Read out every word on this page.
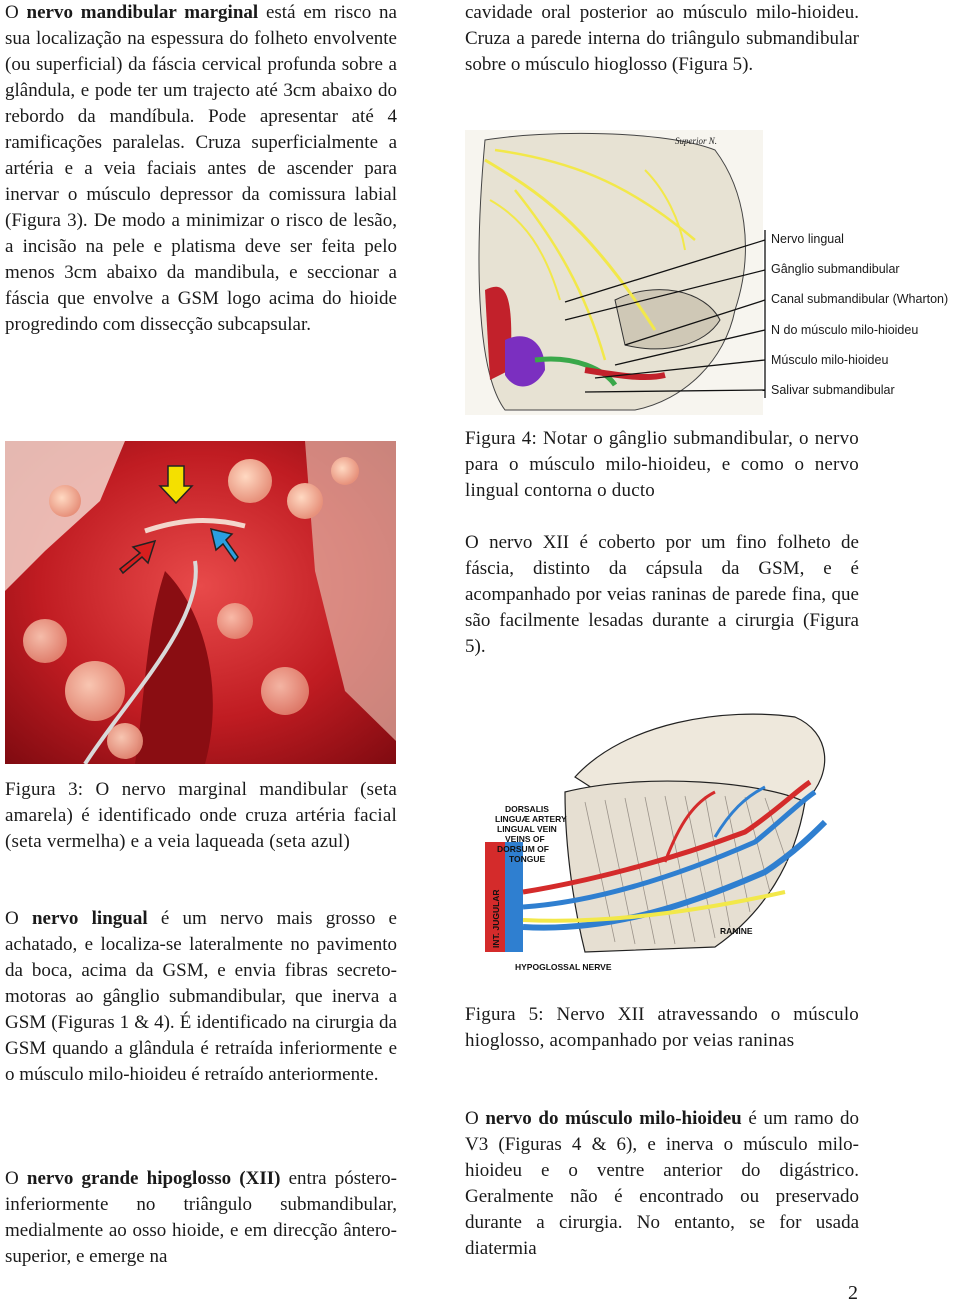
O nervo mandibular marginal está em risco na sua localização na espessura do folheto envolvente (ou superficial) da fáscia cervical profunda sobre a glândula, e pode ter um trajecto até 3cm abaixo do rebordo da mandíbula. Pode apresentar até 4 ramificações paralelas. Cruza superficialmente a artéria e a veia faciais antes de ascender para inervar o músculo depressor da comissura labial (Figura 3). De modo a minimizar o risco de lesão, a incisão na pele e platisma deve ser feita pelo menos 3cm abaixo da mandibula, e seccionar a fáscia que envolve a GSM logo acima do hioide progredindo com dissecção subcapsular.

Figura 3: O nervo marginal mandibular (seta amarela) é identificado onde cruza artéria facial (seta vermelha) e a veia laqueada (seta azul)

O nervo lingual é um nervo mais grosso e achatado, e localiza-se lateralmente no pavimento da boca, acima da GSM, e envia fibras secreto-motoras ao gânglio submandibular, que inerva a GSM (Figuras 1 & 4). É identificado na cirurgia da GSM quando a glândula é retraída inferiormente e o músculo milo-hioideu é retraído anteriormente.

O nervo grande hipoglosso (XII) entra póstero-inferiormente no triângulo submandibular, medialmente ao osso hioide, e em direcção ântero-superior, e emerge na

cavidade oral posterior ao músculo milo-hioideu. Cruza a parede interna do triângulo submandibular sobre o músculo hioglosso (Figura 5).

Superior N.
Nervo lingual
Gânglio submandibular
Canal submandibular (Wharton)
N do músculo milo-hioideu
Músculo milo-hioideu
Salivar submandibular

Figura 4: Notar o gânglio submandibular, o nervo para o músculo milo-hioideu, e como o nervo lingual contorna o ducto

O nervo XII é coberto por um fino folheto de fáscia, distinto da cápsula da GSM, e é acompanhado por veias raninas de parede fina, que são facilmente lesadas durante a cirurgia (Figura 5).

DORSALIS
LINGUÆ ARTERY
LINGUAL VEIN
VEINS OF
DORSUM OF
TONGUE
RANINE
INT. JUGULAR
HYPOGLOSSAL NERVE

Figura 5: Nervo XII atravessando o músculo hioglosso, acompanhado por veias raninas

O nervo do músculo milo-hioideu é um ramo do V3 (Figuras 4 & 6), e inerva o músculo milo-hioideu e o ventre anterior do digástrico. Geralmente não é encontrado ou preservado durante a cirurgia. No entanto, se for usada diatermia

2
